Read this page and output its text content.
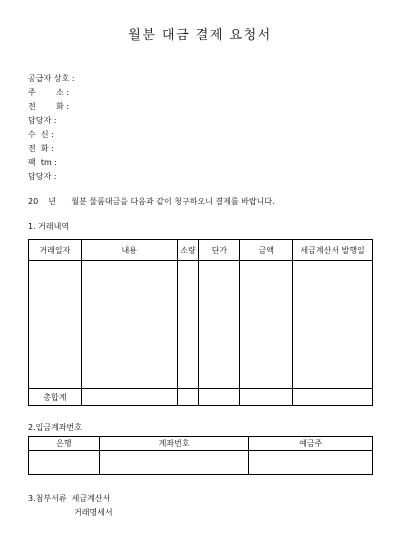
월분 대금 결제 요청서
공급자 상호 :
주        소 :
전        화 :
담당자 :
수  신 :
전  화 :
팩  tm :
담당자 :
20    년      월분 물품대금을 다음과 같이 청구하오니 결제를 바랍니다.
1. 거래내역
거래일자	내용	소량	단가	금액	세금계산서 발행일

총합계					
2.입금계좌번호
은행	계좌번호	예금주

3.첨부서류  세금계산서
거래명세서
